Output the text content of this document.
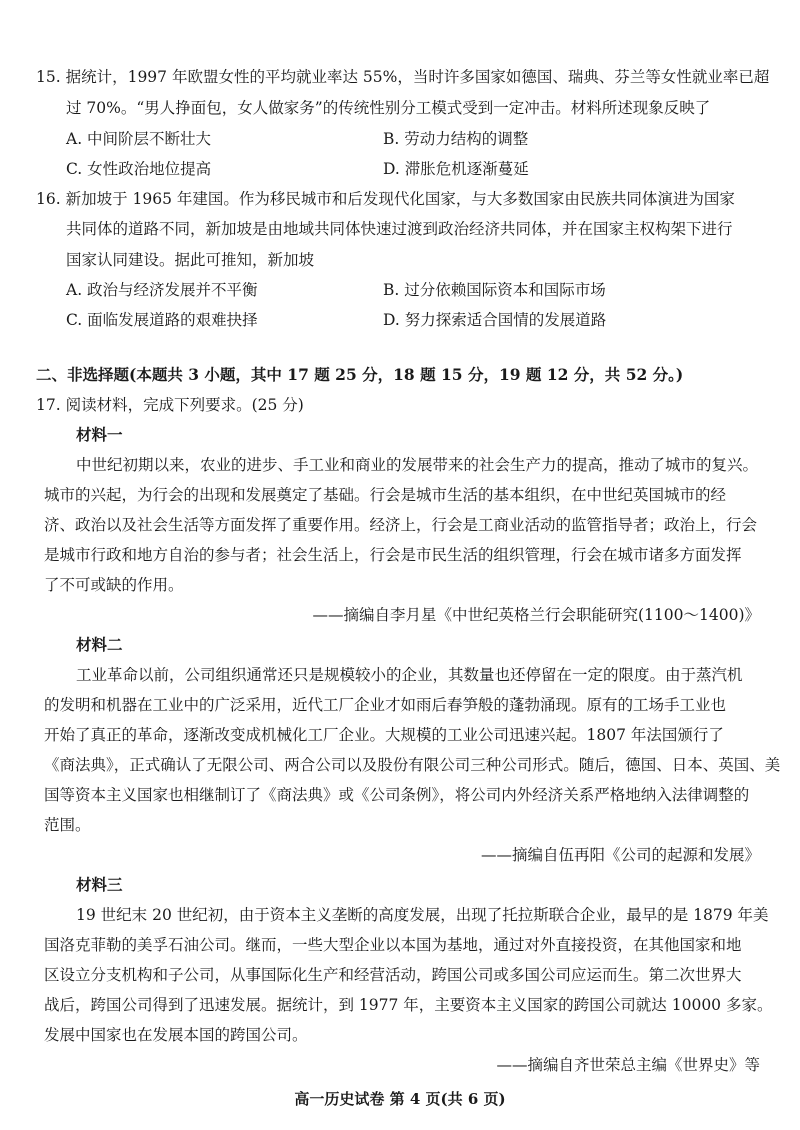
15. 据统计，1997 年欧盟女性的平均就业率达 55%，当时许多国家如德国、瑞典、芬兰等女性就业率已超
过 70%。“男人挣面包，女人做家务”的传统性别分工模式受到一定冲击。材料所述现象反映了
A. 中间阶层不断壮大	B. 劳动力结构的调整
C. 女性政治地位提高	D. 滞胀危机逐渐蔓延
16. 新加坡于 1965 年建国。作为移民城市和后发现代化国家，与大多数国家由民族共同体演进为国家
共同体的道路不同，新加坡是由地域共同体快速过渡到政治经济共同体，并在国家主权构架下进行
国家认同建设。据此可推知，新加坡
A. 政治与经济发展并不平衡	B. 过分依赖国际资本和国际市场
C. 面临发展道路的艰难抉择	D. 努力探索适合国情的发展道路
二、非选择题(本题共 3 小题，其中 17 题 25 分，18 题 15 分，19 题 12 分，共 52 分。)
17. 阅读材料，完成下列要求。(25 分)
材料一
中世纪初期以来，农业的进步、手工业和商业的发展带来的社会生产力的提高，推动了城市的复兴。
城市的兴起，为行会的出现和发展奠定了基础。行会是城市生活的基本组织，在中世纪英国城市的经
济、政治以及社会生活等方面发挥了重要作用。经济上，行会是工商业活动的监管指导者；政治上，行会
是城市行政和地方自治的参与者；社会生活上，行会是市民生活的组织管理，行会在城市诸多方面发挥
了不可或缺的作用。
——摘编自李月星《中世纪英格兰行会职能研究(1100～1400)》
材料二
工业革命以前，公司组织通常还只是规模较小的企业，其数量也还停留在一定的限度。由于蒸汽机
的发明和机器在工业中的广泛采用，近代工厂企业才如雨后春笋般的蓬勃涌现。原有的工场手工业也
开始了真正的革命，逐渐改变成机械化工厂企业。大规模的工业公司迅速兴起。1807 年法国颁行了
《商法典》，正式确认了无限公司、两合公司以及股份有限公司三种公司形式。随后，德国、日本、英国、美
国等资本主义国家也相继制订了《商法典》或《公司条例》，将公司内外经济关系严格地纳入法律调整的
范围。
——摘编自伍再阳《公司的起源和发展》
材料三
19 世纪末 20 世纪初，由于资本主义垄断的高度发展，出现了托拉斯联合企业，最早的是 1879 年美
国洛克菲勒的美孚石油公司。继而，一些大型企业以本国为基地，通过对外直接投资，在其他国家和地
区设立分支机构和子公司，从事国际化生产和经营活动，跨国公司或多国公司应运而生。第二次世界大
战后，跨国公司得到了迅速发展。据统计，到 1977 年，主要资本主义国家的跨国公司就达 10000 多家。
发展中国家也在发展本国的跨国公司。
——摘编自齐世荣总主编《世界史》等
高一历史试卷 第 4 页(共 6 页)
